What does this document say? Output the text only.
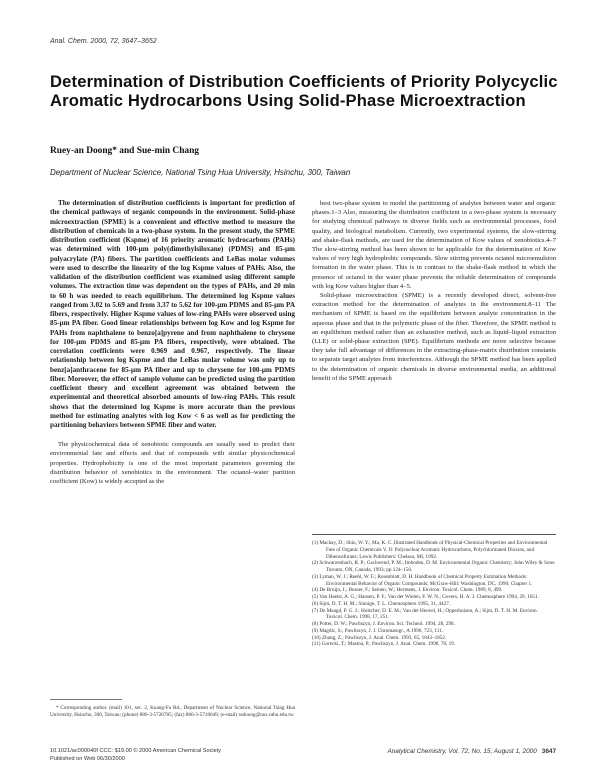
Anal. Chem. 2000, 72, 3647–3652
Determination of Distribution Coefficients of Priority Polycyclic Aromatic Hydrocarbons Using Solid-Phase Microextraction
Ruey-an Doong* and Sue-min Chang
Department of Nuclear Science, National Tsing Hua University, Hsinchu, 300, Taiwan

The determination of distribution coefficients is important for prediction of the chemical pathways of organic compounds in the environment. Solid-phase microextraction (SPME) is a convenient and effective method to measure the distribution of chemicals in a two-phase system. In the present study, the SPME distribution coefficient (Kspme) of 16 priority aromatic hydrocarbons (PAHs) was determined with 100-μm poly(dimethylsiloxane) (PDMS) and 85-μm polyacrylate (PA) fibers. The partition coefficients and LeBas molar volumes were used to describe the linearity of the log Kspme values of PAHs. Also, the validation of the distribution coefficient was examined using different sample volumes. The extraction time was dependent on the types of PAHs, and 20 min to 60 h was needed to reach equilibrium. The determined log Kspme values ranged from 3.02 to 5.69 and from 3.37 to 5.62 for 100-μm PDMS and 85-μm PA fibers, respectively. Higher Kspme values of low-ring PAHs were observed using 85-μm PA fiber. Good linear relationships between log Kow and log Kspme for PAHs from naphthalene to benzo[a]pyrene and from naphthalene to chrysene for 100-μm PDMS and 85-μm PA fibers, respectively, were obtained. The correlation coefficients were 0.969 and 0.967, respectively. The linear relationship between log Kspme and the LeBas molar volume was only up to benz[a]anthracene for 85-μm PA fiber and up to chrysene for 100-μm PDMS fiber. Moreover, the effect of sample volume can be predicted using the partition coefficient theory and excellent agreement was obtained between the experimental and theoretical absorbed amounts of low-ring PAHs. This result shows that the determined log Kspme is more accurate than the previous method for estimating analytes with log Kow < 6 as well as for predicting the partitioning behaviors between SPME fiber and water.

The physicochemical data of xenobiotic compounds are usually used to predict their environmental fate and effects and that of compounds with similar physicochemical properties. Hydrophobicity is one of the most important parameters governing the distribution behavior of xenobiotics in the environment. The octanol–water partition coefficient (Kow) is widely accepted as the

* Corresponding author. (mail) 101, sec. 2, Kuang-Fu Rd., Department of Nuclear Science, National Tsing Hua University, Hsinchu, 300, Taiwan; (phone) 886-3-5726785; (fax) 886-3-5718649; (e-mail) radoong@nuc.nthu.edu.tw.

best two-phase system to model the partitioning of analytes between water and organic phases.1–3 Also, measuring the distribution coefficient in a two-phase system is necessary for studying chemical pathways in diverse fields such as environmental processes, food quality, and biological metabolism. Currently, two experimental systems, the slow-stirring and shake-flask methods, are used for the determination of Kow values of xenobiotics.4–7 The slow-stirring method has been shown to be applicable for the determination of Kow values of very high hydrophobic compounds. Slow stirring prevents octanol microemulsion formation in the water phase. This is in contrast to the shake-flask method in which the presence of octanol in the water phase prevents the reliable determination of compounds with log Kow values higher than 4–5.

Solid-phase microextraction (SPME) is a recently developed direct, solvent-free extraction method for the determination of analytes in the environment.8–11 The mechanism of SPME is based on the equilibrium between analyte concentration in the aqueous phase and that in the polymeric phase of the fiber. Therefore, the SPME method is an equilibrium method rather than an exhaustive method, such as liquid–liquid extraction (LLE) or solid-phase extraction (SPE). Equilibrium methods are more selective because they take full advantage of differences in the extracting-phase-matrix distribution constants to separate target analytes from interferences. Although the SPME method has been applied to the determination of organic chemicals in diverse environmental media, an additional benefit of the SPME approach

(1) Mackay, D.; Shiu, W. Y.; Ma, K. C. Illustrated Handbook of Physical-Chemical Properties and Environmental Fate of Organic Chemicals V. II: Polynuclear Aromatic Hydrocarbons, Polychlorinated Dioxins, and Dibenzofurans; Lewis Publishers: Chelsea, MI, 1992.
(2) Schwarzenbach, R. P.; Gschwend, P. M.; Imboden, D. M. Environmental Organic Chemistry; John Wiley & Sons: Toronto, ON, Canada, 1993; pp 124–156.
(3) Lyman, W. J.; Reehl, W. F.; Rosenblatt, D. H. Handbook of Chemical Property Estimation Methods: Environmental Behavior of Organic Compounds; McGraw-Hill: Washington, DC, 1990; Chapter 1.
(4) De Bruijn, J.; Busser, F.; Seinen, W.; Hermens, J. Environ. Toxicol. Chem. 1989, 8, 499.
(5) Van Haelst, A. G.; Hansen, P. F.; Van der Wielen, F. W. N.; Govers, H. A. J. Chemosphere 1994, 29, 1651.
(6) Sijm, D. T. H. M.; Sinnige, T. L. Chemosphere 1995, 31, 4427.
(7) De Maagd, P. G. J.; Hulscher, D. E. M.; Van der Heuvel, H.; Opperhuizen, A.; Sijm, D. T. H. M. Environ. Toxicol. Chem. 1998, 17, 251.
(8) Potter, D. W.; Pawliszyn, J. Environ. Sci. Technol. 1994, 28, 298.
(9) Magdic, S.; Pawliszyn, J. J. Chromatogr., A 1996, 723, 111.
(10) Zhang, Z.; Pawliszyn, J. Anal. Chem. 1993, 65, 1843–1852.
(11) Gorecki, T.; Mastoa, P.; Pawliszyn, J. Anal. Chem. 1998, 70, 19.
10.1021/ac000040f CCC: $19.00 © 2000 American Chemical Society
Published on Web 06/30/2000
Analytical Chemistry, Vol. 72, No. 15, August 1, 2000 3647
